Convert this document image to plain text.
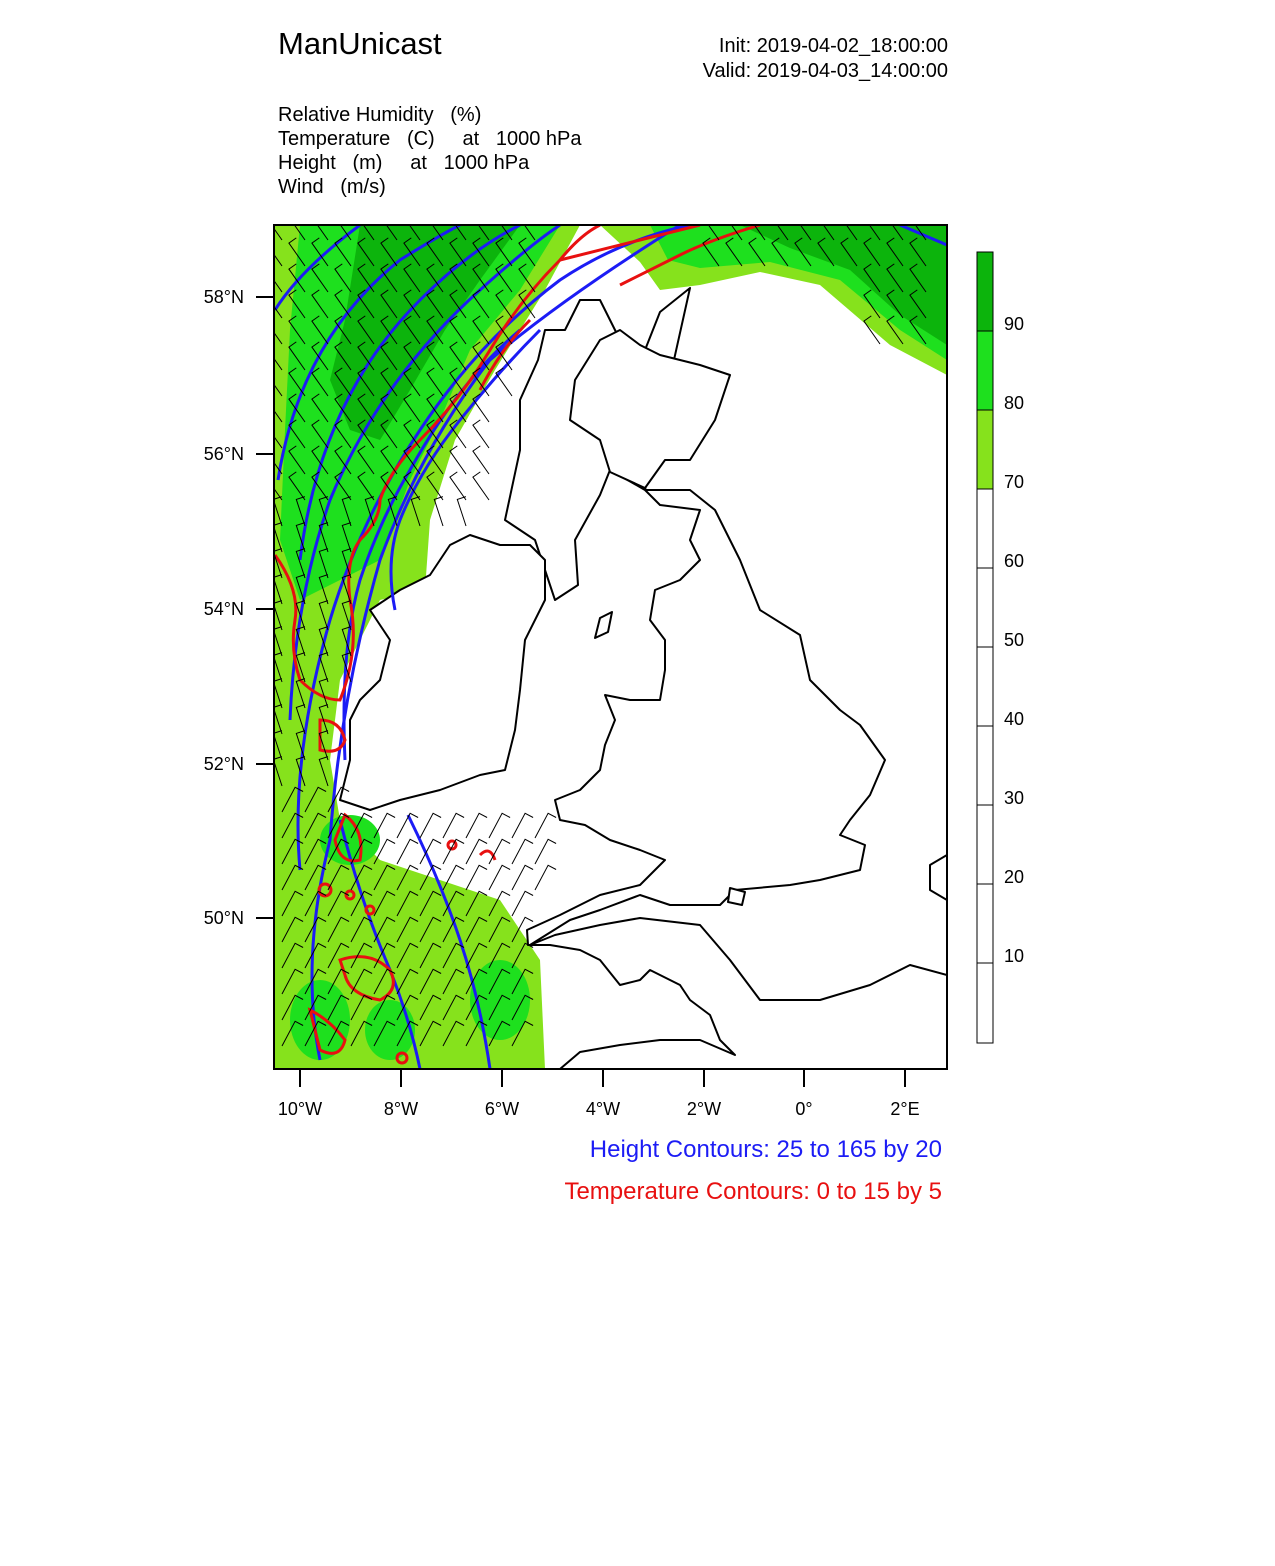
ManUnicast	Init: 2019-04-02_18:00:00
Valid: 2019-04-03_14:00:00
Relative Humidity   (%)
Temperature   (C)     at   1000 hPa
Height   (m)     at   1000 hPa
Wind   (m/s)
58°N
56°N
54°N
52°N
50°N
10°W	8°W	6°W	4°W	2°W	0°	2°E
90
80
70
60
50
40
30
20
10
Height Contours: 25 to 165 by 20
Temperature Contours: 0 to 15 by 5
